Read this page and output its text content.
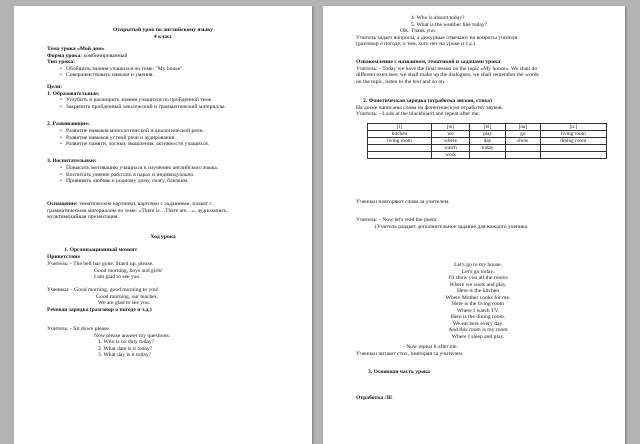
Открытый урок по английскому языку
4 класс
Тема урока «Мой дом»
Форма урока: комбинированный
Тип урока:
• Обобщить знания учащихся по теме: "My house".
• Совершенствовать навыки и умения.
Цели:
1. Образовательные:
• Углубить и расширить знания учащихся по пройденной теме.
• Закрепить пройденный лексический и грамматический материалы.
2. Развивающие:
• Развитие навыков монологической и диалогической речи.
• Развитие навыков устной речи и аудирования.
• Развитие памяти, логики, мышления, активности учащихся.
3. Воспитательные:
• Повысить мотивацию учащихся к изучению английского языка.
• Воспитать умение работать в парах и индивидуально.
• Прививать любовь к родному дому, очагу, близким.
Оснащение: тематические картинки, карточки с заданиями, плакат с
грамматическим материалом по теме: «There is…There are…», аудиозапись,
мультимедийная презентация.
Ход урока
1. Организационный момент
Приветствие
Учитель: - The bell has gone. Stand up, please.
Good morning, boys and girls!
I am glad to see you.
Ученики: - Good morning, good morning to you!
Good morning, our teacher,
We are glad to see you.
Речевая зарядка (разговор о погоде и т.д.)
Учитель: - Sit down please.
Now please answer my questions:
1. Who is on duty today?
2. What date is it today?
3. What day is it today?
4. Who is absent today?
5. What is the weather like today?
OK. Thank you
Учитель задает вопросы, а дежурные отвечают на вопросы учителя
(разговор о погоде, о том, кого нет на уроке и т.д.)
Ознакомление с названием, тематикой и задачами урока
Учитель: - Today we have the final lesson on the topic «My house». We shall do
different exercises: we shall make up the dialogues, we shall remember the words
on the topic, listen to the text and so on.
2. Фонетическая зарядка (отработка звуков, стиха)
На доске написаны слова на фонетическую отработку звуков.
Учитель: - Look at the blackboard and repeat after me.
[i]	[w]	[ei]	[əu]	[u:]
kitchen	we	play	go	living room
living room	where	day	show	dining room
	watch	today		
	work			
Ученики повторяют слова за учителем.
Учитель: - Now let's read the poem.
(Учитель раздает дополнительное задание для каждого ученика
Let's go to my house.
Let's go today.
I'll show you all the rooms
Where we work and play.
Here is the kitchen
Where Mother cooks for me.
Here is the living room
Where I watch TV.
Here is the dining room.
We eat here every day.
And this room is my room
Where I sleep and play.
- Now repeat it after me.
Ученики читают стих, повторяя за учителем.
3. Основная часть урока
Отработка ЛЕ
